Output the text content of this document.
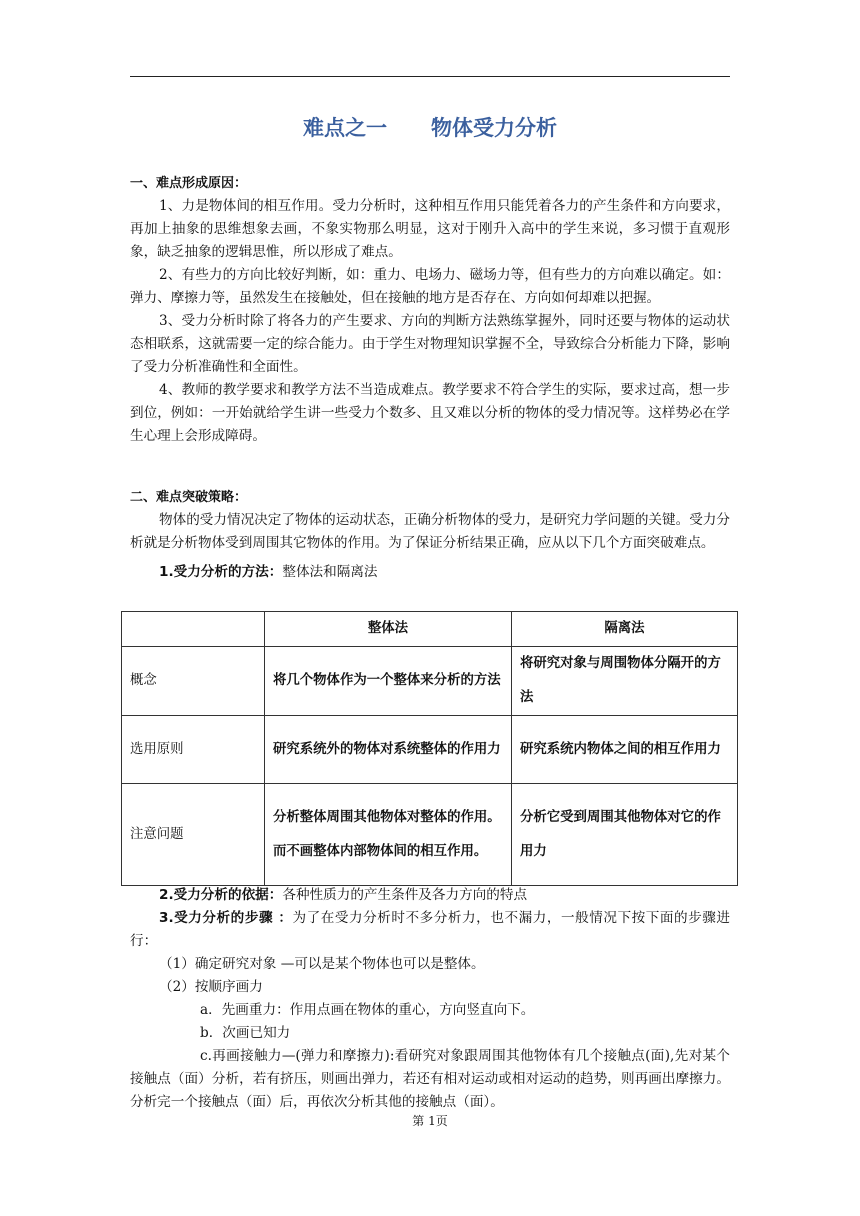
难点之一 物体受力分析
一、难点形成原因：

1、力是物体间的相互作用。受力分析时，这种相互作用只能凭着各力的产生条件和方向要求，再加上抽象的思维想象去画，不象实物那么明显，这对于刚升入高中的学生来说，多习惯于直观形象，缺乏抽象的逻辑思惟，所以形成了难点。

2、有些力的方向比较好判断，如：重力、电场力、磁场力等，但有些力的方向难以确定。如：弹力、摩擦力等，虽然发生在接触处，但在接触的地方是否存在、方向如何却难以把握。

3、受力分析时除了将各力的产生要求、方向的判断方法熟练掌握外，同时还要与物体的运动状态相联系，这就需要一定的综合能力。由于学生对物理知识掌握不全，导致综合分析能力下降，影响了受力分析准确性和全面性。

4、教师的教学要求和教学方法不当造成难点。教学要求不符合学生的实际，要求过高，想一步到位，例如：一开始就给学生讲一些受力个数多、且又难以分析的物体的受力情况等。这样势必在学生心理上会形成障碍。

二、难点突破策略：

物体的受力情况决定了物体的运动状态，正确分析物体的受力，是研究力学问题的关键。受力分析就是分析物体受到周围其它物体的作用。为了保证分析结果正确，应从以下几个方面突破难点。

1.受力分析的方法：整体法和隔离法

	整体法	隔离法
概念	将几个物体作为一个整体来分析的方法	将研究对象与周围物体分隔开的方法
选用原则	研究系统外的物体对系统整体的作用力	研究系统内物体之间的相互作用力
注意问题	分析整体周围其他物体对整体的作用。而不画整体内部物体间的相互作用。	分析它受到周围其他物体对它的作用力

2.受力分析的依据：各种性质力的产生条件及各力方向的特点

3.受力分析的步骤 ：为了在受力分析时不多分析力，也不漏力，一般情况下按下面的步骤进行：

（1）确定研究对象 —可以是某个物体也可以是整体。

（2）按顺序画力

a．先画重力：作用点画在物体的重心，方向竖直向下。

b．次画已知力

c.再画接触力—(弹力和摩擦力):看研究对象跟周围其他物体有几个接触点(面),先对某个接触点（面）分析，若有挤压，则画出弹力，若还有相对运动或相对运动的趋势，则再画出摩擦力。分析完一个接触点（面）后，再依次分析其他的接触点（面）。

第 1页
